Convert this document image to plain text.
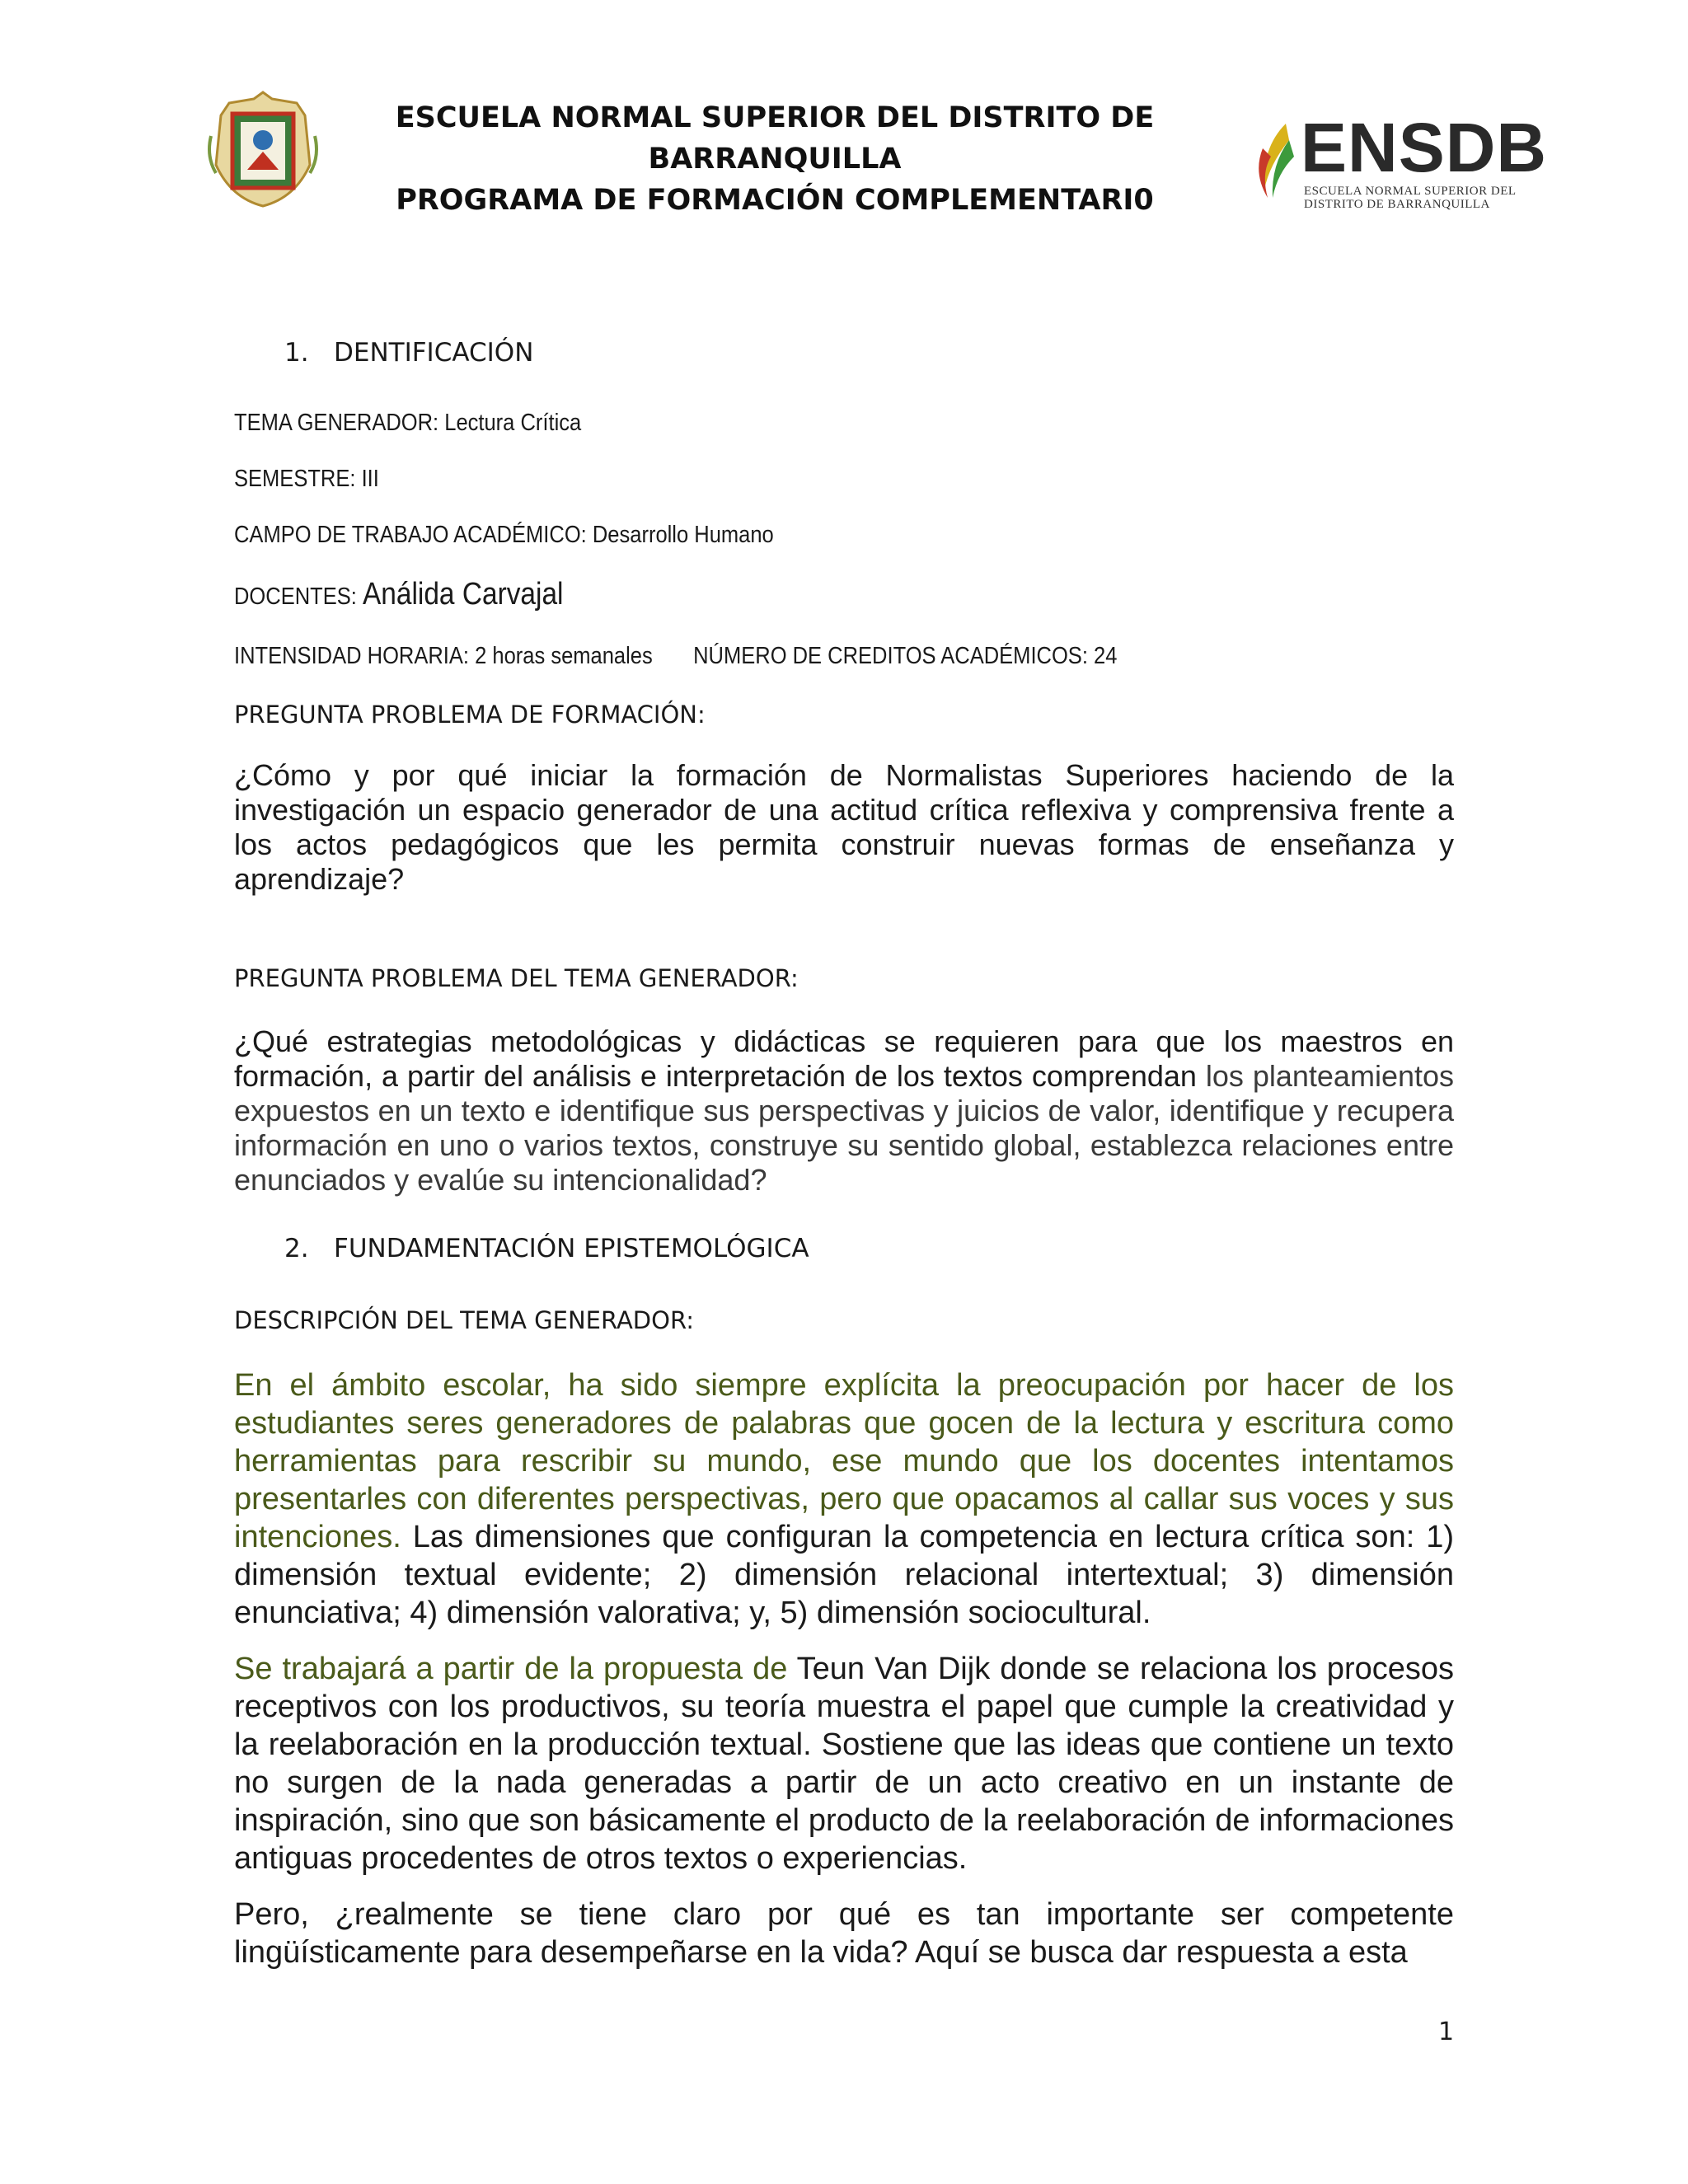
ESCUELA NORMAL SUPERIOR DEL DISTRITO DE BARRANQUILLA
PROGRAMA DE FORMACIÓN COMPLEMENTARI0
ENSDB
ESCUELA NORMAL SUPERIOR DEL DISTRITO DE BARRANQUILLA
1. DENTIFICACIÓN
TEMA GENERADOR: Lectura Crítica
SEMESTRE: III
CAMPO DE TRABAJO ACADÉMICO: Desarrollo Humano
DOCENTES: Análida Carvajal
INTENSIDAD HORARIA: 2 horas semanales NÚMERO DE CREDITOS ACADÉMICOS: 24
PREGUNTA PROBLEMA DE FORMACIÓN:

¿Cómo y por qué iniciar la formación de Normalistas Superiores haciendo de la investigación un espacio generador de una actitud crítica reflexiva y comprensiva frente a los actos pedagógicos que les permita construir nuevas formas de enseñanza y aprendizaje?

PREGUNTA PROBLEMA DEL TEMA GENERADOR:

¿Qué estrategias metodológicas y didácticas se requieren para que los maestros en formación, a partir del análisis e interpretación de los textos comprendan los planteamientos expuestos en un texto e identifique sus perspectivas y juicios de valor, identifique y recupera información en uno o varios textos, construye su sentido global, establezca relaciones entre enunciados y evalúe su intencionalidad?

2. FUNDAMENTACIÓN EPISTEMOLÓGICA
DESCRIPCIÓN DEL TEMA GENERADOR:

En el ámbito escolar, ha sido siempre explícita la preocupación por hacer de los estudiantes seres generadores de palabras que gocen de la lectura y escritura como herramientas para rescribir su mundo, ese mundo que los docentes intentamos presentarles con diferentes perspectivas, pero que opacamos al callar sus voces y sus intenciones. Las dimensiones que configuran la competencia en lectura crítica son: 1) dimensión textual evidente; 2) dimensión relacional intertextual; 3) dimensión enunciativa; 4) dimensión valorativa; y, 5) dimensión sociocultural.

Se trabajará a partir de la propuesta de Teun Van Dijk donde se relaciona los procesos receptivos con los productivos, su teoría muestra el papel que cumple la creatividad y la reelaboración en la producción textual. Sostiene que las ideas que contiene un texto no surgen de la nada generadas a partir de un acto creativo en un instante de inspiración, sino que son básicamente el producto de la reelaboración de informaciones antiguas procedentes de otros textos o experiencias.

Pero, ¿realmente se tiene claro por qué es tan importante ser competente lingüísticamente para desempeñarse en la vida? Aquí se busca dar respuesta a esta

1
